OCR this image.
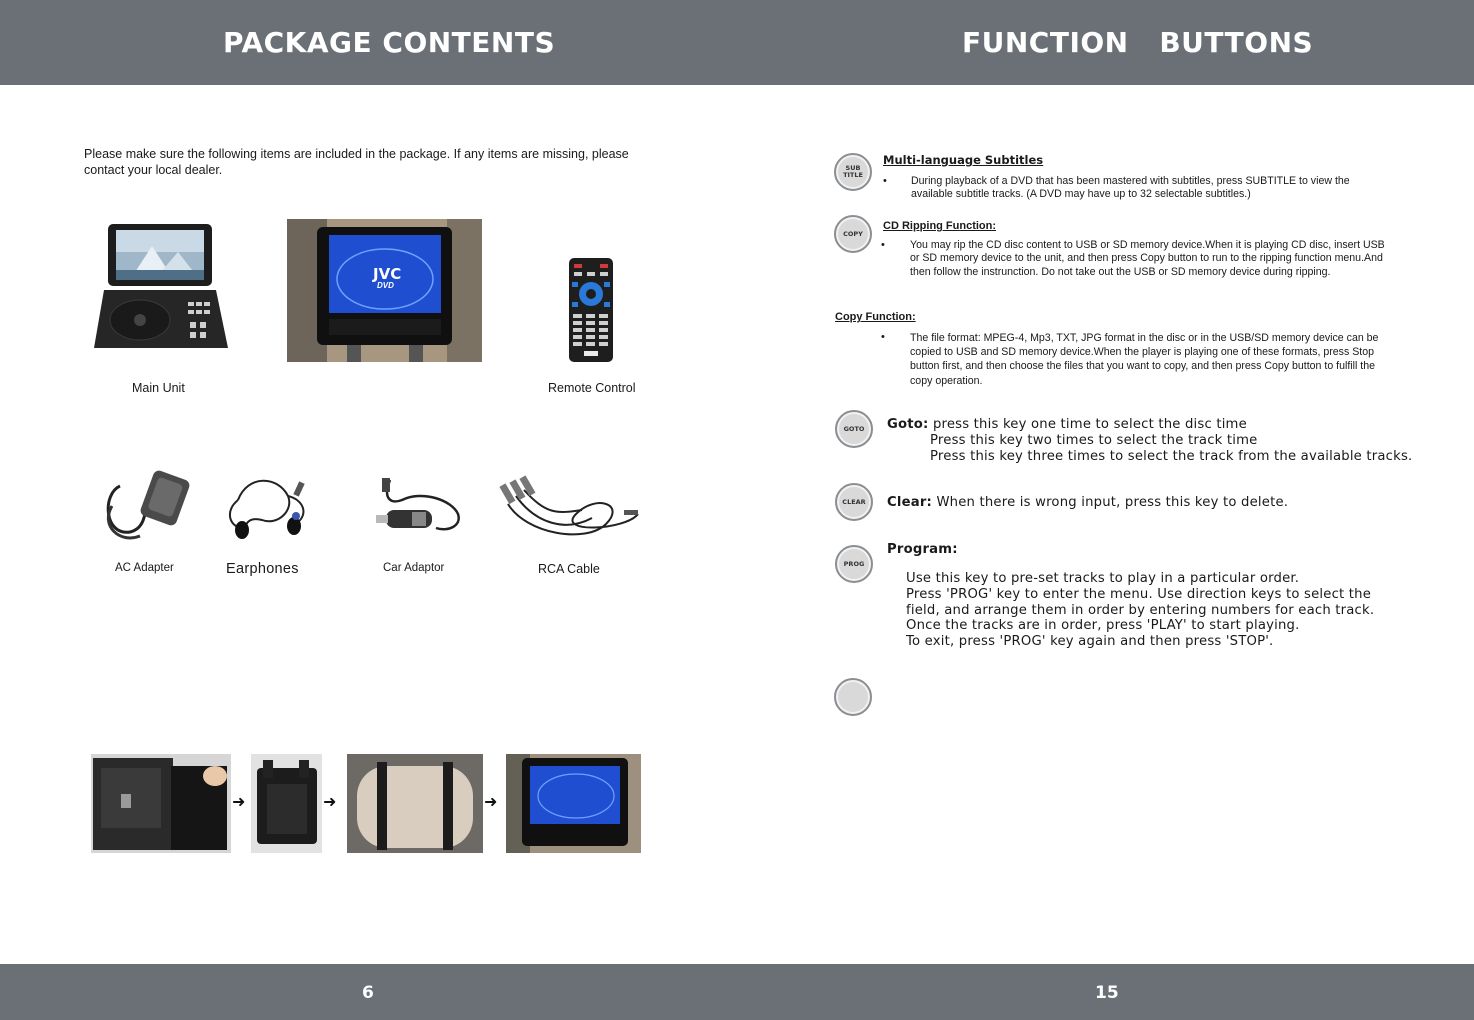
PACKAGE CONTENTS	FUNCTION   BUTTONS
6	15

Please make sure the following items are included in the package. If any items are missing, please contact your local dealer.

JVC
DVD
Main Unit	Remote Control
AC Adapter	Earphones	Car Adaptor	RCA Cable
➜	➜	➜
SUB TITLE
Multi-language Subtitles
• During playback of a DVD that has been mastered with subtitles, press SUBTITLE to view the available subtitle tracks. (A DVD may have up to 32 selectable subtitles.)

COPY
CD Ripping Function:
• You may rip the CD disc content to USB or SD memory device.When it is playing CD disc, insert USB or SD memory device to the unit, and then press Copy button to run to the ripping function menu.And then follow the instrunction. Do not take out the USB or SD memory device during ripping.

Copy Function:
• The file format: MPEG-4, Mp3, TXT, JPG format in the disc or in the USB/SD memory device can be copied to USB and SD memory device.When the player is playing one of these formats, press Stop button first, and then choose the files that you want to copy, and then press Copy button to fulfill the copy operation.

GOTO	Goto: press this key one time to select the disc time
Press this key two times to select the track time
Press this key three times to select the track from the available tracks.
CLEAR	Clear: When there is wrong input, press this key to delete.
PROG
Program:
Use this key to pre-set tracks to play in a particular order.
Press 'PROG' key to enter the menu. Use direction keys to select the
field, and arrange them in order by entering numbers for each track.
Once the tracks are in order, press 'PLAY' to start playing.
To exit, press 'PROG' key again and then press 'STOP'.
